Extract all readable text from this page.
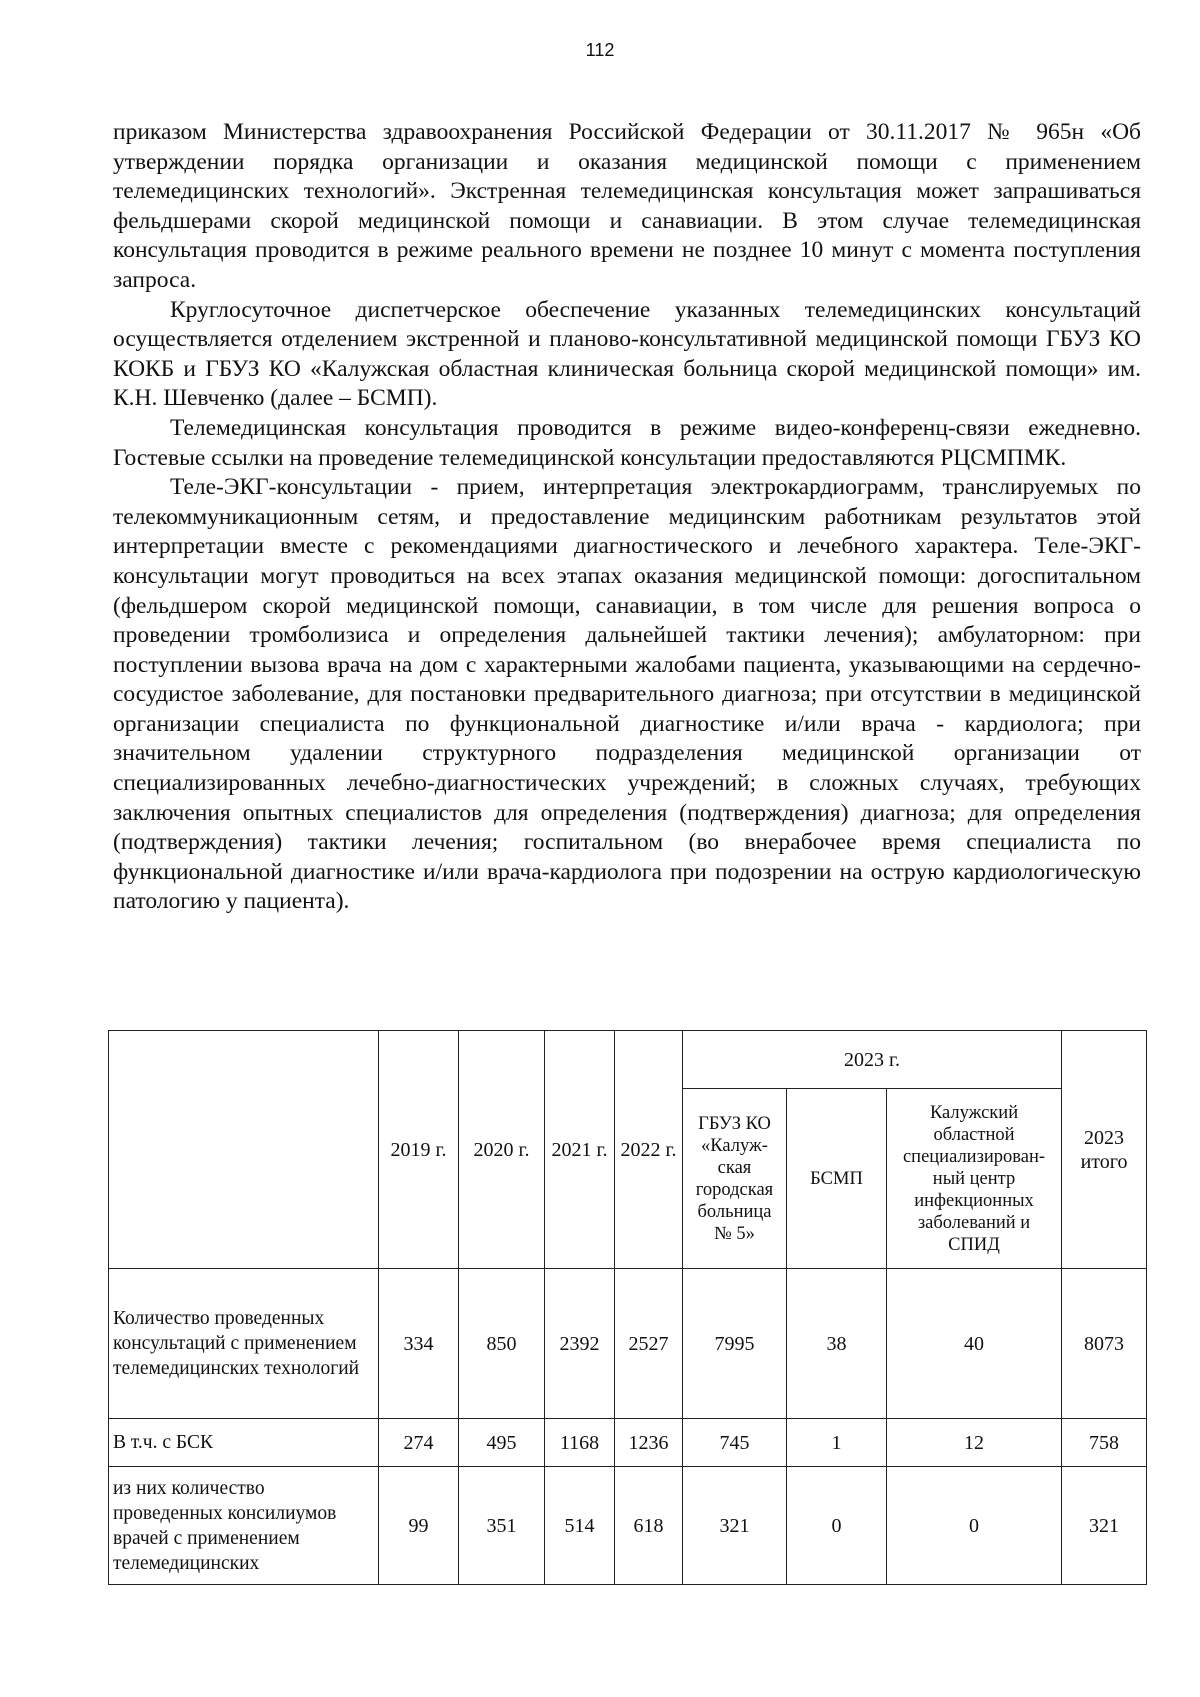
112

приказом Министерства здравоохранения Российской Федерации от 30.11.2017 № 965н «Об утверждении порядка организации и оказания медицинской помощи с применением телемедицинских технологий». Экстренная телемедицинская консультация может запрашиваться фельдшерами скорой медицинской помощи и санавиации. В этом случае телемедицинская консультация проводится в режиме реального времени не позднее 10 минут с момента поступления запроса.

Круглосуточное диспетчерское обеспечение указанных телемедицинских консультаций осуществляется отделением экстренной и планово-консультативной медицинской помощи ГБУЗ КО КОКБ и ГБУЗ КО «Калужская областная клиническая больница скорой медицинской помощи» им. К.Н. Шевченко (далее – БСМП).

Телемедицинская консультация проводится в режиме видео-конференц-связи ежедневно. Гостевые ссылки на проведение телемедицинской консультации предоставляются РЦСМПМК.

Теле-ЭКГ-консультации - прием, интерпретация электрокардиограмм, транслируемых по телекоммуникационным сетям, и предоставление медицинским работникам результатов этой интерпретации вместе с рекомендациями диагностического и лечебного характера. Теле-ЭКГ-консультации могут проводиться на всех этапах оказания медицинской помощи: догоспитальном (фельдшером скорой медицинской помощи, санавиации, в том числе для решения вопроса о проведении тромболизиса и определения дальнейшей тактики лечения); амбулаторном: при поступлении вызова врача на дом с характерными жалобами пациента, указывающими на сердечно-сосудистое заболевание, для постановки предварительного диагноза; при отсутствии в медицинской организации специалиста по функциональной диагностике и/или врача - кардиолога; при значительном удалении структурного подразделения медицинской организации от специализированных лечебно-диагностических учреждений; в сложных случаях, требующих заключения опытных специалистов для определения (подтверждения) диагноза; для определения (подтверждения) тактики лечения; госпитальном (во внерабочее время специалиста по функциональной диагностике и/или врача-кардиолога при подозрении на острую кардиологическую патологию у пациента).

	2019 г.	2020 г.	2021 г.	2022 г.	2023 г.			2023 итого
					ГБУЗ КО «Калуж-ская городская больница № 5»	БСМП	Калужский областной специализирован-ный центр инфекционных заболеваний и СПИД	
Количество проведенных консультаций с применением телемедицинских технологий	334	850	2392	2527	7995	38	40	8073
В т.ч. с БСК	274	495	1168	1236	745	1	12	758
из них количество проведенных консилиумов врачей с применением телемедицинских	99	351	514	618	321	0	0	321
